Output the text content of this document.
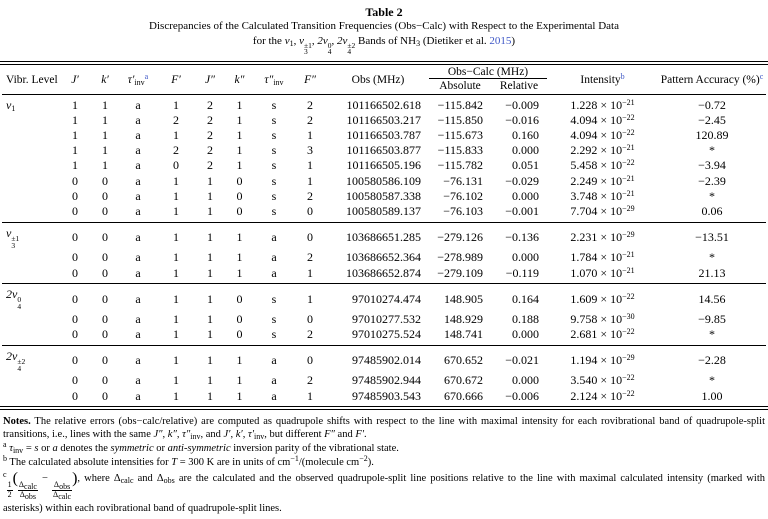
Table 2
Discrepancies of the Calculated Transition Frequencies (Obs−Calc) with Respect to the Experimental Data
for the $\nu_1$, ν ±1
3
, 2ν 0
4
, 2ν ±2
4
Bands of $NH_3$ (Dietiker et al. 2015)
Vibr. Level	J′	k′	$\tau'_{inv}^a$	F′	J″	k″	$\tau''_{inv}$	F″	Obs (MHz)	Obs−Calc (MHz)		Intensity$^b$	Pattern Accuracy (%)$^c$
										Absolute	Relative		
$\nu_1$	1	1	a	1	2	1	s	2	101166502.618	−115.842	−0.009	$1.228 \times 10^{-21}$	−0.72
	1	1	a	2	2	1	s	2	101166503.217	−115.850	−0.016	$4.094 \times 10^{-22}$	−2.45
	1	1	a	1	2	1	s	1	101166503.787	−115.673	0.160	$4.094 \times 10^{-22}$	120.89
	1	1	a	2	2	1	s	3	101166503.877	−115.833	0.000	$2.292 \times 10^{-21}$	*
	1	1	a	0	2	1	s	1	101166505.196	−115.782	0.051	$5.458 \times 10^{-22}$	−3.94
	0	0	a	1	1	0	s	1	100580586.109	−76.131	−0.029	$2.249 \times 10^{-21}$	−2.39
	0	0	a	1	1	0	s	2	100580587.338	−76.102	0.000	$3.748 \times 10^{-21}$	*
	0	0	a	1	1	0	s	0	100580589.137	−76.103	−0.001	$7.704 \times 10^{-29}$	0.06
ν ±1
3	0	0	a	1	1	1	a	0	103686651.285	−279.126	−0.136	$2.231 \times 10^{-29}$	−13.51
	0	0	a	1	1	1	a	2	103686652.364	−278.989	0.000	$1.784 \times 10^{-21}$	*
	0	0	a	1	1	1	a	1	103686652.874	−279.109	−0.119	$1.070 \times 10^{-21}$	21.13
2ν 0
4	0	0	a	1	1	0	s	1	97010274.474	148.905	0.164	$1.609 \times 10^{-22}$	14.56
	0	0	a	1	1	0	s	0	97010277.532	148.929	0.188	$9.758 \times 10^{-30}$	−9.85
	0	0	a	1	1	0	s	2	97010275.524	148.741	0.000	$2.681 \times 10^{-22}$	*
2ν ±2
4	0	0	a	1	1	1	a	0	97485902.014	670.652	−0.021	$1.194 \times 10^{-29}$	−2.28
	0	0	a	1	1	1	a	2	97485902.944	670.672	0.000	$3.540 \times 10^{-22}$	*
	0	0	a	1	1	1	a	1	97485903.543	670.666	−0.006	$2.124 \times 10^{-22}$	1.00
Notes. The relative errors (obs−calc/relative) are computed as quadrupole shifts with respect to the line with maximal intensity for each rovibrational band of quadrupole-split transitions, i.e., lines with the same J″, k″, $\tau''_{inv}$, and J′, k′, $\tau'_{inv}$, but different F″ and F′.
$^a$ $\tau_{inv} = s$ or a denotes the symmetric or anti-symmetric inversion parity of the vibrational state.
$^b$ The calculated absolute intensities for T = 300 K are in units of $cm^{-1}/(molecule$ $cm^{-2}$).
$^c$
$\frac{1}{2}$
(
$\frac{\Delta_{calc}}{\Delta_{obs}}$
−
$\frac{\Delta_{obs}}{\Delta_{calc}}$
), where $\Delta_{calc}$ and $\Delta_{obs}$ are the calculated and the observed quadrupole-split line positions relative to the line with maximal calculated intensity (marked with asterisks) within each rovibrational band of quadrupole-split lines.
